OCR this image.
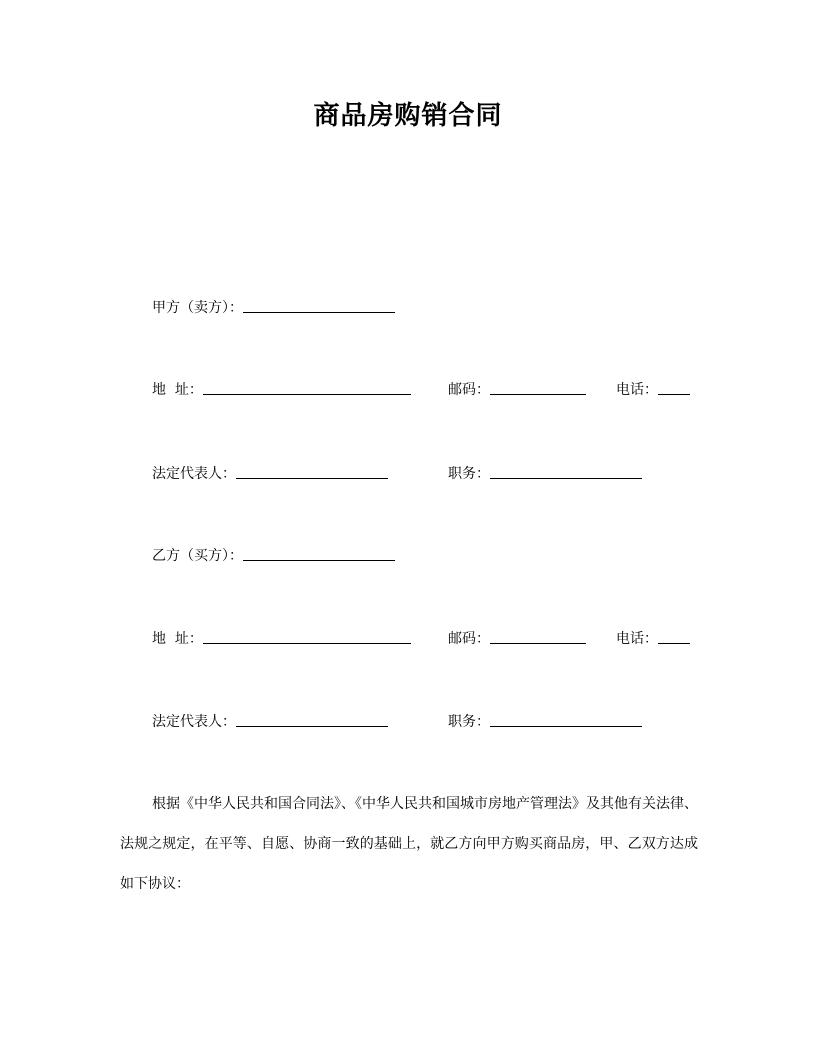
商品房购销合同
甲方（卖方）：
地  址：	邮码：	电话：
法定代表人：	职务：
乙方（买方）：
地  址：	邮码：	电话：
法定代表人：	职务：

根据《中华人民共和国合同法》、《中华人民共和国城市房地产管理法》及其他有关法律、法规之规定，在平等、自愿、协商一致的基础上，就乙方向甲方购买商品房，甲、乙双方达成如下协议：
